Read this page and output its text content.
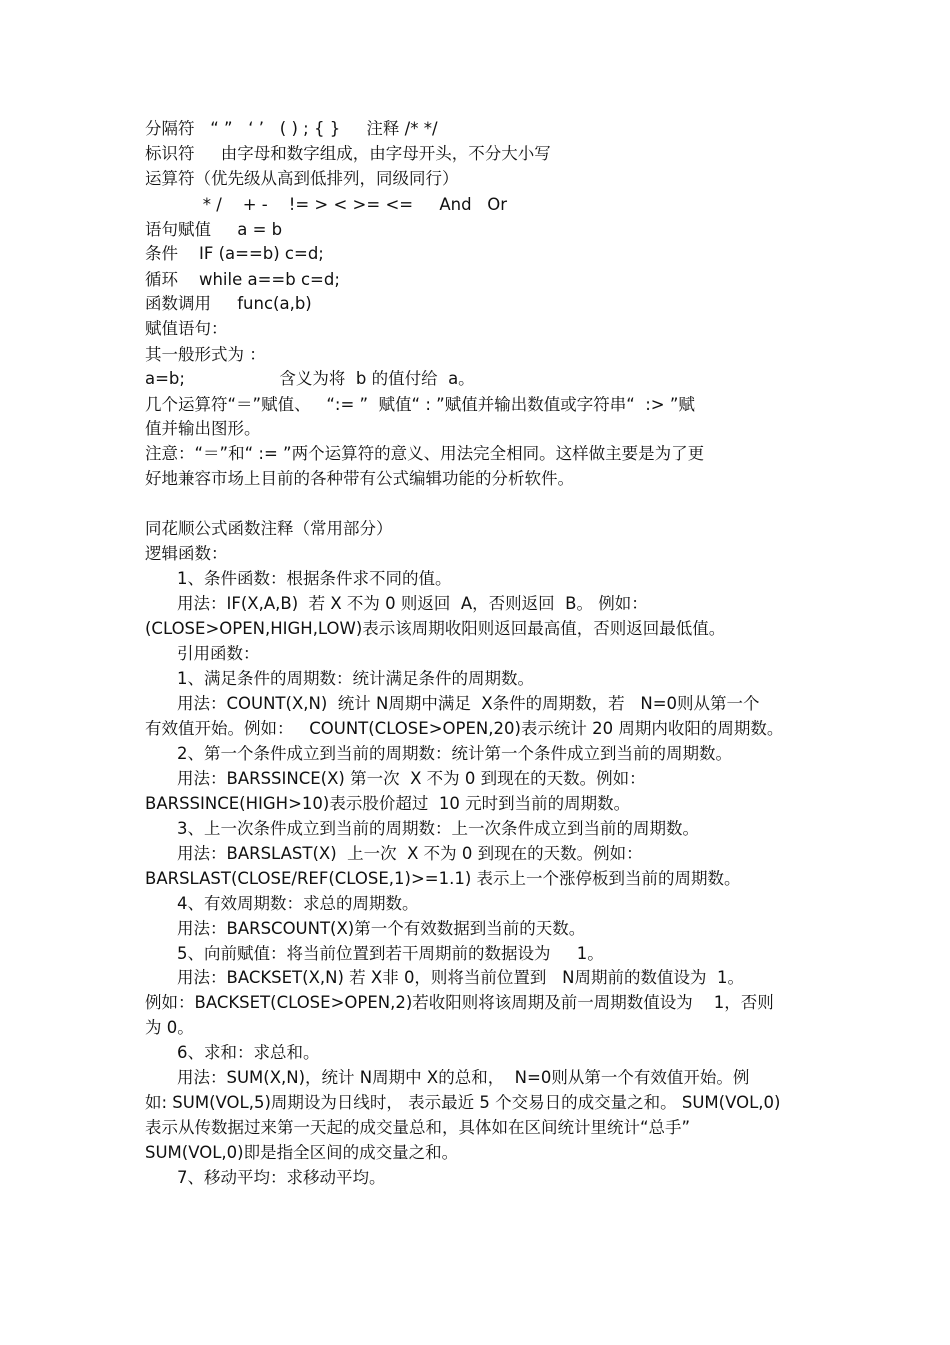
分隔符   “ ”   ‘ ’   ( ) ; { }     注释 /* */
标识符     由字母和数字组成，由字母开头，不分大小写
运算符（优先级从高到低排列，同级同行）
* /    + -    != > < >= <=     And   Or
语句赋值     a = b
条件    IF (a==b) c=d;
循环    while a==b c=d;
函数调用     func(a,b)
赋值语句：
其一般形式为 ：
a=b;                  含义为将  b 的值付给  a。
几个运算符“＝”赋值、   “:= ”  赋值“ : ”赋值并输出数值或字符串“  :> ”赋
值并输出图形。
注意：“＝”和“ := ”两个运算符的意义、用法完全相同。这样做主要是为了更
好地兼容市场上目前的各种带有公式编辑功能的分析软件。
同花顺公式函数注释（常用部分）
逻辑函数：
1、条件函数：根据条件求不同的值。
用法：IF(X,A,B)  若 X 不为 0 则返回  A，否则返回  B。 例如：
(CLOSE>OPEN,HIGH,LOW)表示该周期收阳则返回最高值，否则返回最低值。
引用函数：
1、满足条件的周期数：统计满足条件的周期数。
用法：COUNT(X,N)  统计 N周期中满足  X条件的周期数，若   N=0则从第一个
有效值开始。例如：   COUNT(CLOSE>OPEN,20)表示统计 20 周期内收阳的周期数。
2、第一个条件成立到当前的周期数：统计第一个条件成立到当前的周期数。
用法：BARSSINCE(X) 第一次  X 不为 0 到现在的天数。例如：
BARSSINCE(HIGH>10)表示股价超过  10 元时到当前的周期数。
3、上一次条件成立到当前的周期数：上一次条件成立到当前的周期数。
用法：BARSLAST(X)  上一次  X 不为 0 到现在的天数。例如：
BARSLAST(CLOSE/REF(CLOSE,1)>=1.1) 表示上一个涨停板到当前的周期数。
4、有效周期数：求总的周期数。
用法：BARSCOUNT(X)第一个有效数据到当前的天数。
5、向前赋值：将当前位置到若干周期前的数据设为     1。
用法：BACKSET(X,N) 若 X非 0，则将当前位置到   N周期前的数值设为  1。
例如：BACKSET(CLOSE>OPEN,2)若收阳则将该周期及前一周期数值设为    1，否则
为 0。
6、求和：求总和。
用法：SUM(X,N)，统计 N周期中 X的总和，  N=0则从第一个有效值开始。例
如: SUM(VOL,5)周期设为日线时， 表示最近 5 个交易日的成交量之和。 SUM(VOL,0)
表示从传数据过来第一天起的成交量总和，具体如在区间统计里统计“总手”
SUM(VOL,0)即是指全区间的成交量之和。
7、移动平均：求移动平均。
